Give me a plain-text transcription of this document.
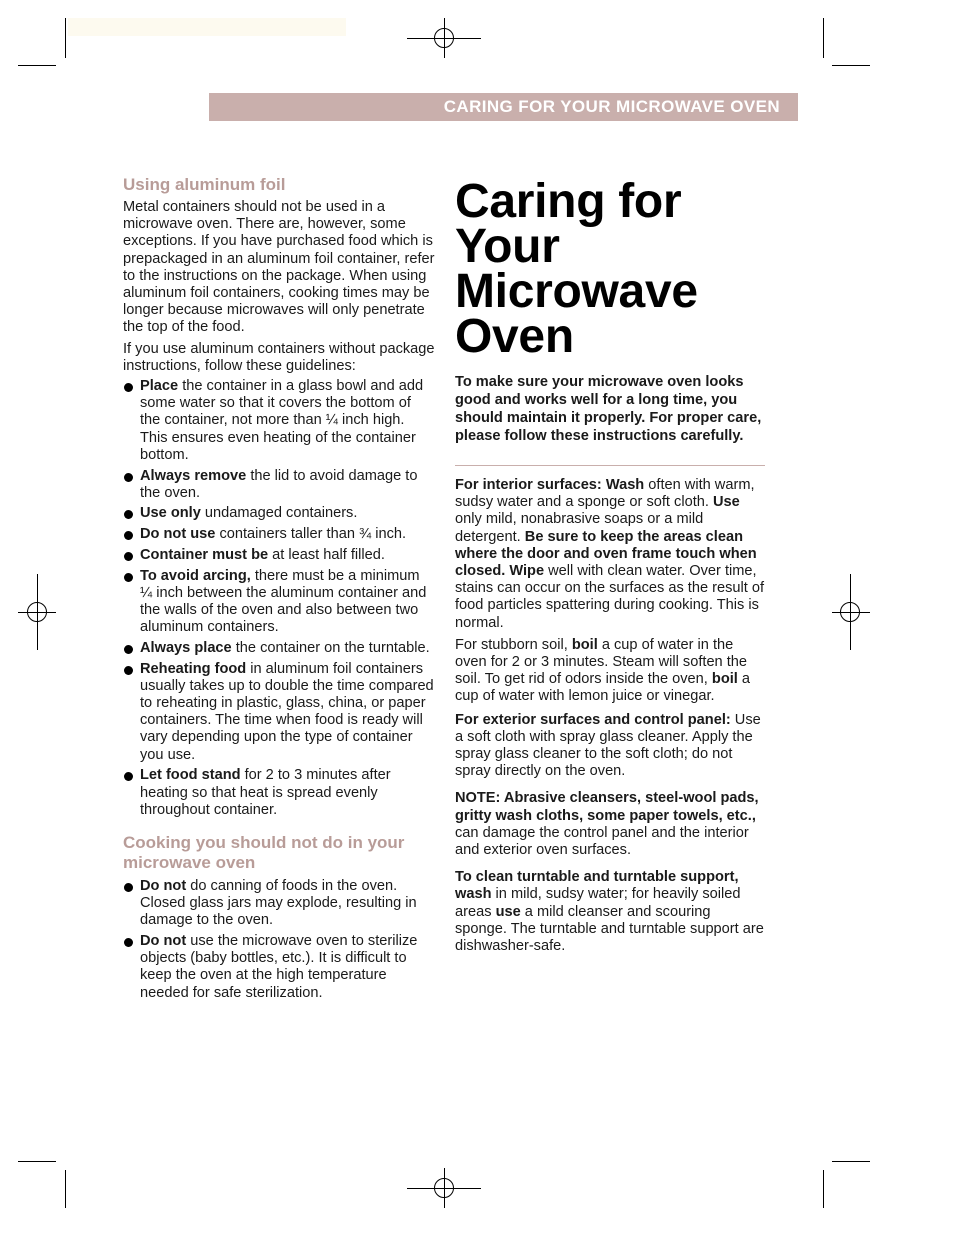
CARING FOR YOUR MICROWAVE OVEN
Using aluminum foil

Metal containers should not be used in a microwave oven. There are, however, some exceptions. If you have purchased food which is prepackaged in an aluminum foil container, refer to the instructions on the package. When using aluminum foil containers, cooking times may be longer because microwaves will only penetrate the top of the food.

If you use aluminum containers without package instructions, follow these guidelines:

Place the container in a glass bowl and add some water so that it covers the bottom of the container, not more than ¼ inch high. This ensures even heating of the container bottom.
Always remove the lid to avoid damage to the oven.
Use only undamaged containers.
Do not use containers taller than ¾ inch.
Container must be at least half filled.
To avoid arcing, there must be a minimum ¼ inch between the aluminum container and the walls of the oven and also between two aluminum containers.
Always place the container on the turntable.
Reheating food in aluminum foil containers usually takes up to double the time compared to reheating in plastic, glass, china, or paper containers. The time when food is ready will vary depending upon the type of container you use.
Let food stand for 2 to 3 minutes after heating so that heat is spread evenly throughout container.
Cooking you should not do in your microwave oven
Do not do canning of foods in the oven. Closed glass jars may explode, resulting in damage to the oven.
Do not use the microwave oven to sterilize objects (baby bottles, etc.). It is difficult to keep the oven at the high temperature needed for safe sterilization.
Caring for Your Microwave Oven

To make sure your microwave oven looks good and works well for a long time, you should maintain it properly. For proper care, please follow these instructions carefully.

For interior surfaces: Wash often with warm, sudsy water and a sponge or soft cloth. Use only mild, nonabrasive soaps or a mild detergent. Be sure to keep the areas clean where the door and oven frame touch when closed. Wipe well with clean water. Over time, stains can occur on the surfaces as the result of food particles spattering during cooking. This is normal.

For stubborn soil, boil a cup of water in the oven for 2 or 3 minutes. Steam will soften the soil. To get rid of odors inside the oven, boil a cup of water with lemon juice or vinegar.

For exterior surfaces and control panel: Use a soft cloth with spray glass cleaner. Apply the spray glass cleaner to the soft cloth; do not spray directly on the oven.

NOTE: Abrasive cleansers, steel-wool pads, gritty wash cloths, some paper towels, etc., can damage the control panel and the interior and exterior oven surfaces.

To clean turntable and turntable support, wash in mild, sudsy water; for heavily soiled areas use a mild cleanser and scouring sponge. The turntable and turntable support are dishwasher-safe.
